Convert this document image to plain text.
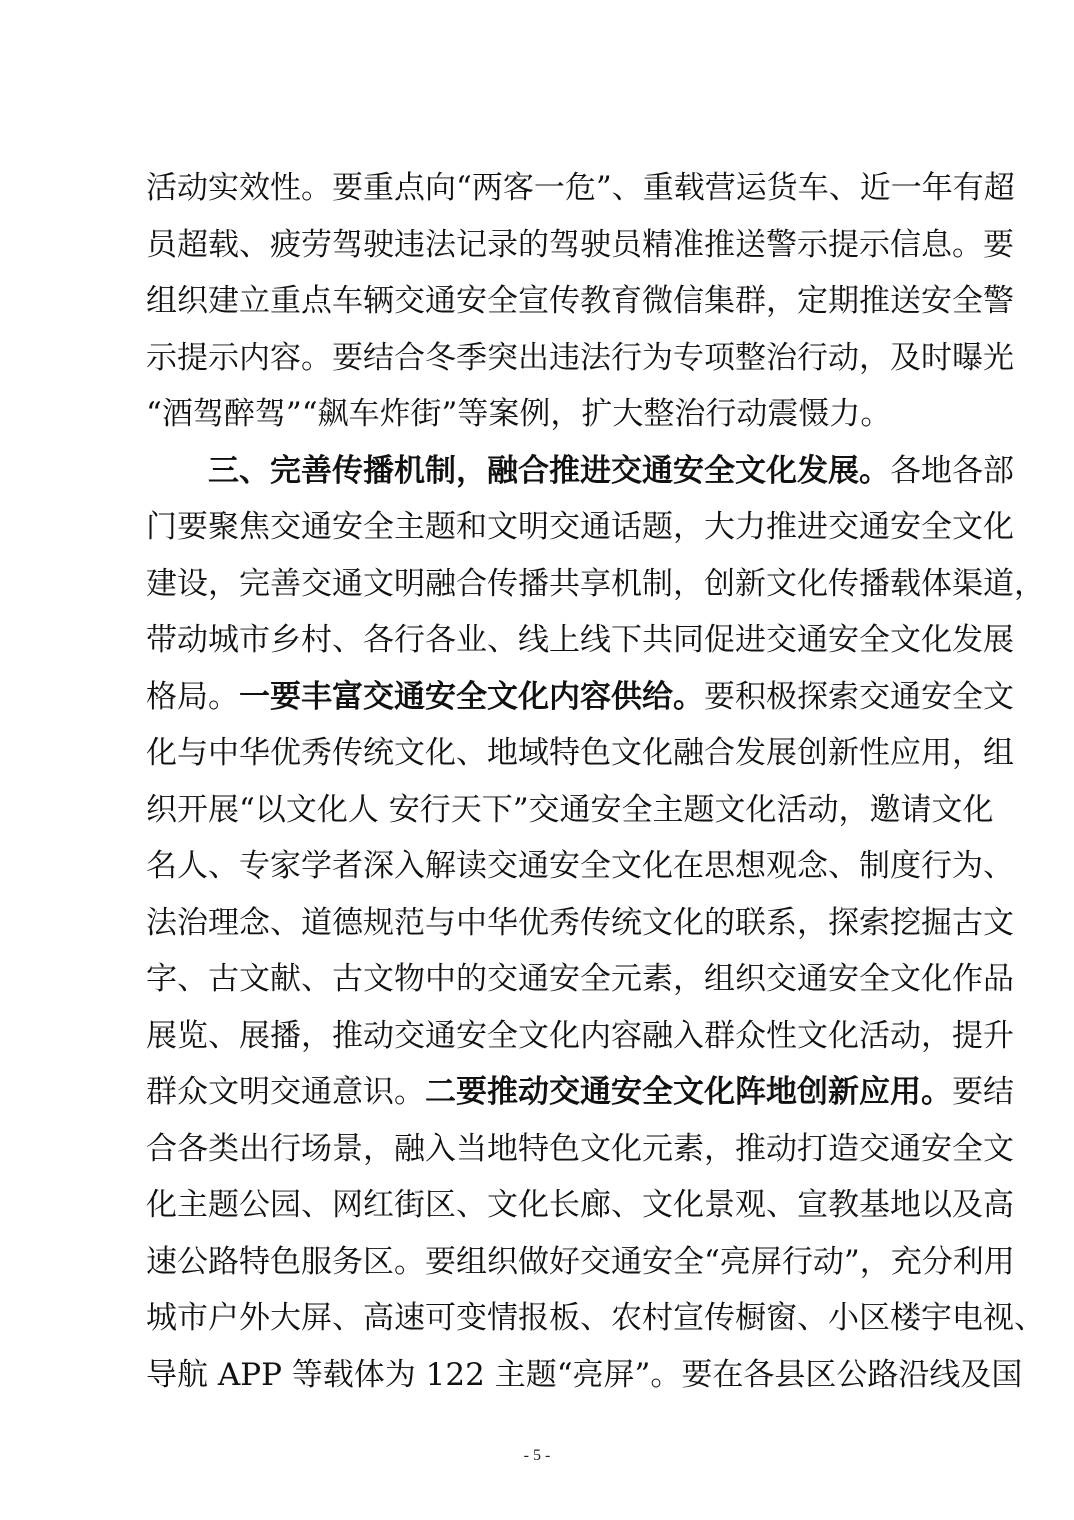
活动实效性。要重点向“两客一危”、重载营运货车、近一年有超
员超载、疲劳驾驶违法记录的驾驶员精准推送警示提示信息。要
组织建立重点车辆交通安全宣传教育微信集群，定期推送安全警
示提示内容。要结合冬季突出违法行为专项整治行动，及时曝光
“酒驾醉驾”“飙车炸街”等案例，扩大整治行动震慑力。
三、完善传播机制，融合推进交通安全文化发展。各地各部
门要聚焦交通安全主题和文明交通话题，大力推进交通安全文化
建设，完善交通文明融合传播共享机制，创新文化传播载体渠道，
带动城市乡村、各行各业、线上线下共同促进交通安全文化发展
格局。一要丰富交通安全文化内容供给。要积极探索交通安全文
化与中华优秀传统文化、地域特色文化融合发展创新性应用，组
织开展“以文化人 安行天下”交通安全主题文化活动，邀请文化
名人、专家学者深入解读交通安全文化在思想观念、制度行为、
法治理念、道德规范与中华优秀传统文化的联系，探索挖掘古文
字、古文献、古文物中的交通安全元素，组织交通安全文化作品
展览、展播，推动交通安全文化内容融入群众性文化活动，提升
群众文明交通意识。二要推动交通安全文化阵地创新应用。要结
合各类出行场景，融入当地特色文化元素，推动打造交通安全文
化主题公园、网红街区、文化长廊、文化景观、宣教基地以及高
速公路特色服务区。要组织做好交通安全“亮屏行动”，充分利用
城市户外大屏、高速可变情报板、农村宣传橱窗、小区楼宇电视、
导航 APP 等载体为 122 主题“亮屏”。要在各县区公路沿线及国
- 5 -
